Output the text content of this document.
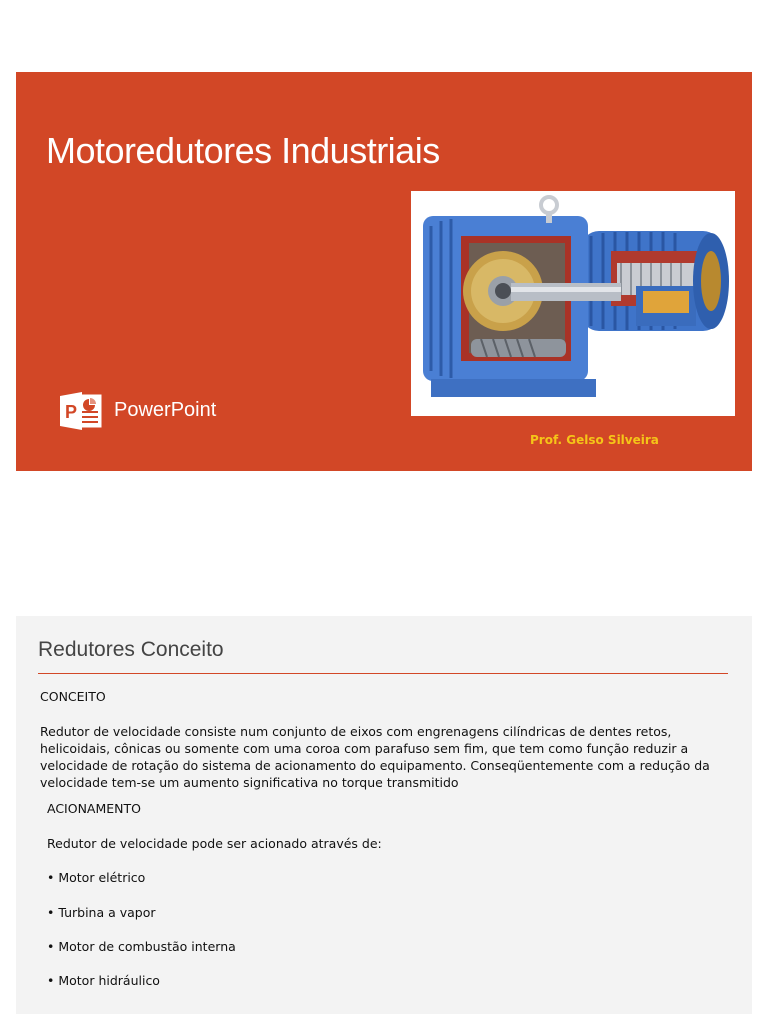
Motoredutores Industriais
P PowerPoint
Prof. Gelso Silveira
Redutores Conceito
CONCEITO
Redutor de velocidade consiste num conjunto de eixos com engrenagens cilíndricas de dentes retos, helicoidais, cônicas ou somente com uma coroa com parafuso sem fim, que tem como função reduzir a velocidade de rotação do sistema de acionamento do equipamento. Conseqüentemente com a redução da velocidade tem-se um aumento significativa no torque transmitido
ACIONAMENTO
Redutor de velocidade pode ser acionado através de:
• Motor elétrico
• Turbina a vapor
• Motor de combustão interna
• Motor hidráulico
